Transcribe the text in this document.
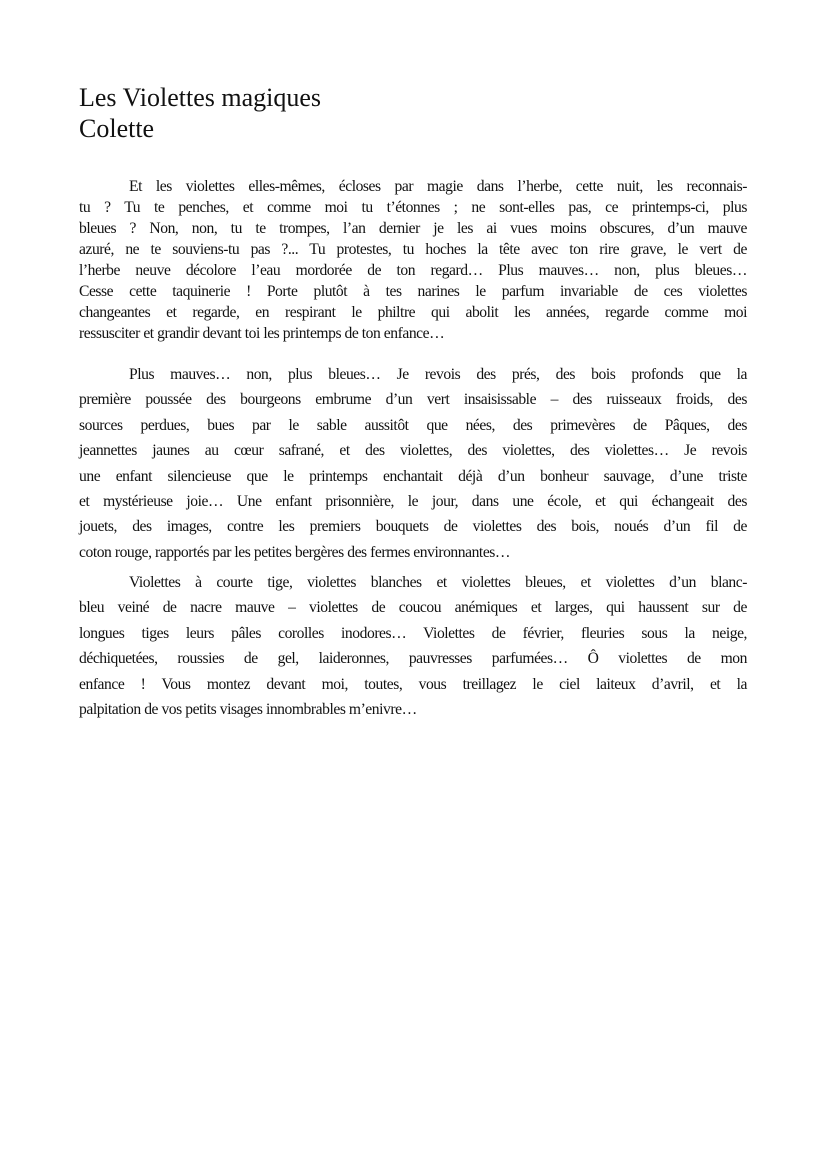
Les Violettes magiques
Colette
Et les violettes elles-mêmes, écloses par magie dans l’herbe, cette nuit, les reconnais-
tu ? Tu te penches, et comme moi tu t’étonnes ; ne sont-elles pas, ce printemps-ci, plus
bleues ? Non, non, tu te trompes, l’an dernier je les ai vues moins obscures, d’un mauve
azuré, ne te souviens-tu pas ?... Tu protestes, tu hoches la tête avec ton rire grave, le vert de
l’herbe neuve décolore l’eau mordorée de ton regard… Plus mauves… non, plus bleues…
Cesse cette taquinerie ! Porte plutôt à tes narines le parfum invariable de ces violettes
changeantes et regarde, en respirant le philtre qui abolit les années, regarde comme moi
ressusciter et grandir devant toi les printemps de ton enfance…
Plus mauves… non, plus bleues… Je revois des prés, des bois profonds que la
première poussée des bourgeons embrume d’un vert insaisissable – des ruisseaux froids, des
sources perdues, bues par le sable aussitôt que nées, des primevères de Pâques, des
jeannettes jaunes au cœur safrané, et des violettes, des violettes, des violettes… Je revois
une enfant silencieuse que le printemps enchantait déjà d’un bonheur sauvage, d’une triste
et mystérieuse joie… Une enfant prisonnière, le jour, dans une école, et qui échangeait des
jouets, des images, contre les premiers bouquets de violettes des bois, noués d’un fil de
coton rouge, rapportés par les petites bergères des fermes environnantes…
Violettes à courte tige, violettes blanches et violettes bleues, et violettes d’un blanc-
bleu veiné de nacre mauve – violettes de coucou anémiques et larges, qui haussent sur de
longues tiges leurs pâles corolles inodores… Violettes de février, fleuries sous la neige,
déchiquetées, roussies de gel, laideronnes, pauvresses parfumées… Ô violettes de mon
enfance ! Vous montez devant moi, toutes, vous treillagez le ciel laiteux d’avril, et la
palpitation de vos petits visages innombrables m’enivre…
